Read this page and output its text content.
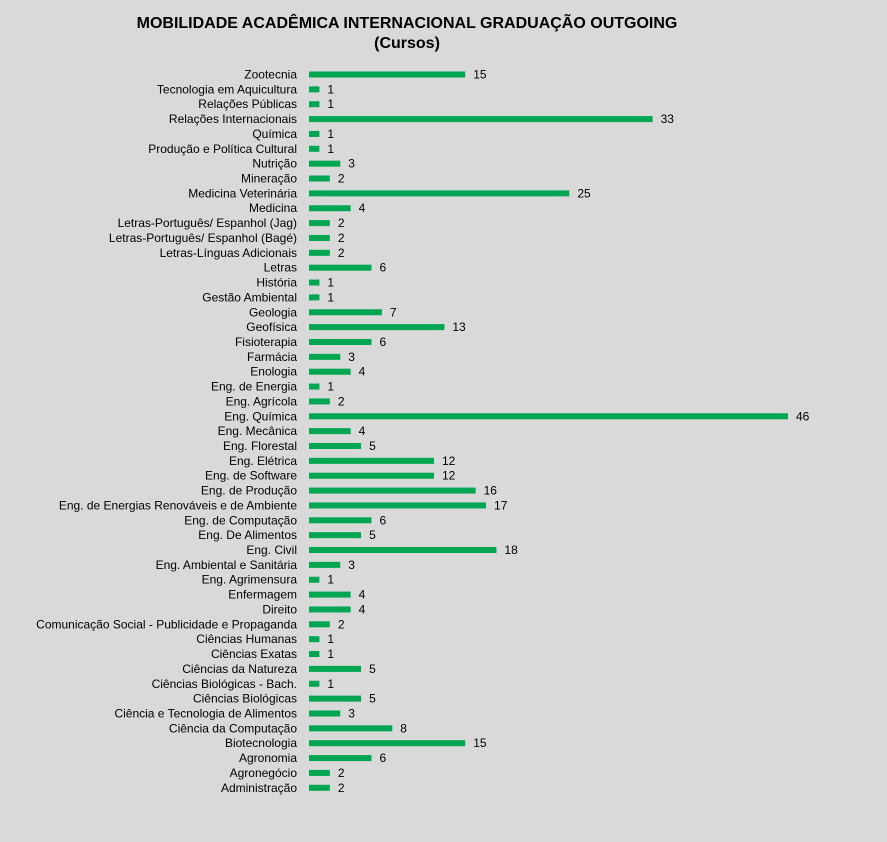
MOBILIDADE ACADÊMICA INTERNACIONAL GRADUAÇÃO OUTGOING
(Cursos)
Zootecnia	15
Tecnologia em Aquicultura	1
Relações Públicas	1
Relações Internacionais	33
Química	1
Produção e Política Cultural	1
Nutrição	3
Mineração	2
Medicina Veterinária	25
Medicina	4
Letras-Português/ Espanhol (Jag)	2
Letras-Português/ Espanhol (Bagé)	2
Letras-Línguas Adicionais	2
Letras	6
História	1
Gestão Ambiental	1
Geologia	7
Geofísica	13
Fisioterapia	6
Farmácia	3
Enologia	4
Eng. de Energia	1
Eng. Agrícola	2
Eng. Química	46
Eng. Mecânica	4
Eng. Florestal	5
Eng. Elétrica	12
Eng. de Software	12
Eng. de Produção	16
Eng. de Energias Renováveis e de Ambiente	17
Eng. de Computação	6
Eng. De Alimentos	5
Eng. Civil	18
Eng. Ambiental e Sanitária	3
Eng. Agrimensura	1
Enfermagem	4
Direito	4
Comunicação Social - Publicidade e Propaganda	2
Ciências Humanas	1
Ciências Exatas	1
Ciências da Natureza	5
Ciências Biológicas - Bach.	1
Ciências Biológicas	5
Ciência e Tecnologia de Alimentos	3
Ciência da Computação	8
Biotecnologia	15
Agronomia	6
Agronegócio	2
Administração	2
